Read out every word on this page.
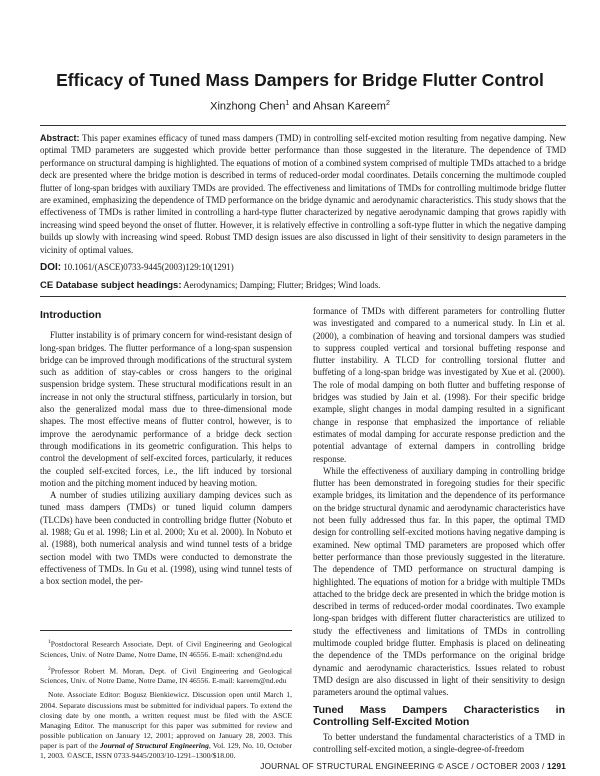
Efficacy of Tuned Mass Dampers for Bridge Flutter Control
Xinzhong Chen$^1$ and Ahsan Kareem$^2$

Abstract: This paper examines efficacy of tuned mass dampers (TMD) in controlling self-excited motion resulting from negative damping. New optimal TMD parameters are suggested which provide better performance than those suggested in the literature. The dependence of TMD performance on structural damping is highlighted. The equations of motion of a combined system comprised of multiple TMDs attached to a bridge deck are presented where the bridge motion is described in terms of reduced-order modal coordinates. Details concerning the multimode coupled flutter of long-span bridges with auxiliary TMDs are provided. The effectiveness and limitations of TMDs for controlling multimode bridge flutter are examined, emphasizing the dependence of TMD performance on the bridge dynamic and aerodynamic characteristics. This study shows that the effectiveness of TMDs is rather limited in controlling a hard-type flutter characterized by negative aerodynamic damping that grows rapidly with increasing wind speed beyond the onset of flutter. However, it is relatively effective in controlling a soft-type flutter in which the negative damping builds up slowly with increasing wind speed. Robust TMD design issues are also discussed in light of their sensitivity to design parameters in the vicinity of optimal values.

DOI: 10.1061/(ASCE)0733-9445(2003)129:10(1291)

CE Database subject headings: Aerodynamics; Damping; Flutter; Bridges; Wind loads.

Introduction

Flutter instability is of primary concern for wind-resistant design of long-span bridges. The flutter performance of a long-span suspension bridge can be improved through modifications of the structural system such as addition of stay-cables or cross hangers to the original suspension bridge system. These structural modifications result in an increase in not only the structural stiffness, particularly in torsion, but also the generalized modal mass due to three-dimensional mode shapes. The most effective means of flutter control, however, is to improve the aerodynamic performance of a bridge deck section through modifications in its geometric configuration. This helps to control the development of self-excited forces, particularly, it reduces the coupled self-excited forces, i.e., the lift induced by torsional motion and the pitching moment induced by heaving motion.

A number of studies utilizing auxiliary damping devices such as tuned mass dampers (TMDs) or tuned liquid column dampers (TLCDs) have been conducted in controlling bridge flutter (Nobuto et al. 1988; Gu et al. 1998; Lin et al. 2000; Xu et al. 2000). In Nobuto et al. (1988), both numerical analysis and wind tunnel tests of a bridge section model with two TMDs were conducted to demonstrate the effectiveness of TMDs. In Gu et al. (1998), using wind tunnel tests of a box section model, the per-

$^1$Postdoctoral Research Associate, Dept. of Civil Engineering and Geological Sciences, Univ. of Notre Dame, Notre Dame, IN 46556. E-mail: xchen@nd.edu

$^2$Professor Robert M. Moran, Dept. of Civil Engineering and Geological Sciences, Univ. of Notre Dame, Notre Dame, IN 46556. E-mail: kareem@nd.edu

Note. Associate Editor: Bogusz Bienkiewicz. Discussion open until March 1, 2004. Separate discussions must be submitted for individual papers. To extend the closing date by one month, a written request must be filed with the ASCE Managing Editor. The manuscript for this paper was submitted for review and possible publication on January 12, 2001; approved on January 28, 2003. This paper is part of the Journal of Structural Engineering, Vol. 129, No. 10, October 1, 2003. ©ASCE, ISSN 0733-9445/2003/10-1291–1300/$18.00.

formance of TMDs with different parameters for controlling flutter was investigated and compared to a numerical study. In Lin et al. (2000), a combination of heaving and torsional dampers was studied to suppress coupled vertical and torsional buffeting response and flutter instability. A TLCD for controlling torsional flutter and buffeting of a long-span bridge was investigated by Xue et al. (2000). The role of modal damping on both flutter and buffeting response of bridges was studied by Jain et al. (1998). For their specific bridge example, slight changes in modal damping resulted in a significant change in response that emphasized the importance of reliable estimates of modal damping for accurate response prediction and the potential advantage of external dampers in controlling bridge response.

While the effectiveness of auxiliary damping in controlling bridge flutter has been demonstrated in foregoing studies for their specific example bridges, its limitation and the dependence of its performance on the bridge structural dynamic and aerodynamic characteristics have not been fully addressed thus far. In this paper, the optimal TMD design for controlling self-excited motions having negative damping is examined. New optimal TMD parameters are proposed which offer better performance than those previously suggested in the literature. The dependence of TMD performance on structural damping is highlighted. The equations of motion for a bridge with multiple TMDs attached to the bridge deck are presented in which the bridge motion is described in terms of reduced-order modal coordinates. Two example long-span bridges with different flutter characteristics are utilized to study the effectiveness and limitations of TMDs in controlling multimode coupled bridge flutter. Emphasis is placed on delineating the dependence of the TMDs performance on the original bridge dynamic and aerodynamic characteristics. Issues related to robust TMD design are also discussed in light of their sensitivity to design parameters around the optimal values.

Tuned Mass Dampers Characteristics in Controlling Self-Excited Motion

To better understand the fundamental characteristics of a TMD in controlling self-excited motion, a single-degree-of-freedom

JOURNAL OF STRUCTURAL ENGINEERING © ASCE / OCTOBER 2003 / 1291
